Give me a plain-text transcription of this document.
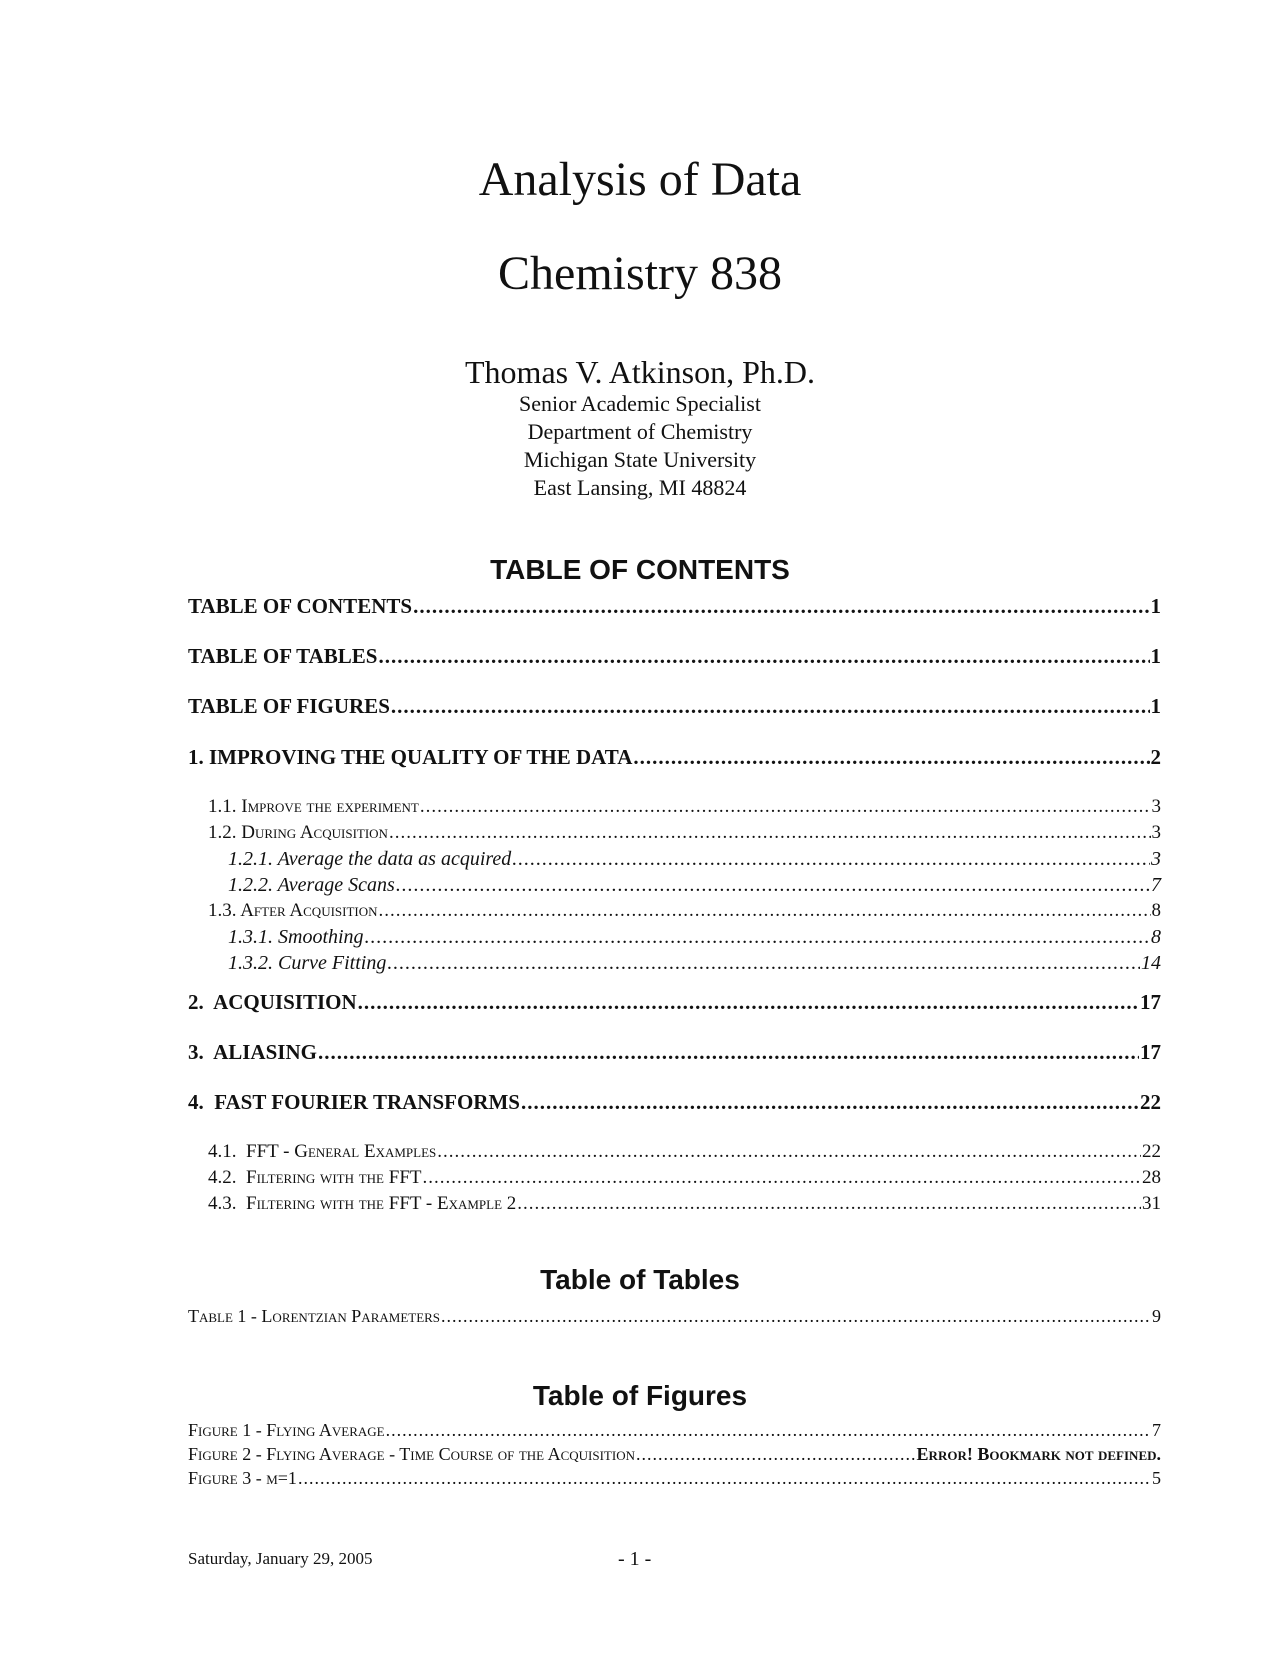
Analysis of Data
Chemistry 838
Thomas V. Atkinson, Ph.D.
Senior Academic Specialist
Department of Chemistry
Michigan State University
East Lansing, MI 48824
TABLE OF CONTENTS
TABLE OF CONTENTS .....	1
TABLE OF TABLES .....	1
TABLE OF FIGURES .....	1
1. IMPROVING THE QUALITY OF THE DATA .....	2
1.1. Improve the experiment .....	3
1.2. During Acquisition .....	3
1.2.1. Average the data as acquired .....	3
1.2.2. Average Scans .....	7
1.3. After Acquisition .....	8
1.3.1. Smoothing .....	8
1.3.2. Curve Fitting .....	14
2.  ACQUISITION .....	17
3.  ALIASING .....	17
4.  FAST FOURIER TRANSFORMS .....	22
4.1.  FFT - General Examples .....	22
4.2.  Filtering with the FFT .....	28
4.3.  Filtering with the FFT - Example 2 .....	31
Table of Tables
Table 1 - Lorentzian Parameters .....	9
Table of Figures
Figure 1 - Flying Average .....	7
Figure 2 - Flying Average - Time Course of the Acquisition .....	Error! Bookmark not defined.
Figure 3 - m=1 .....	5
Saturday, January 29, 2005	- 1 -
